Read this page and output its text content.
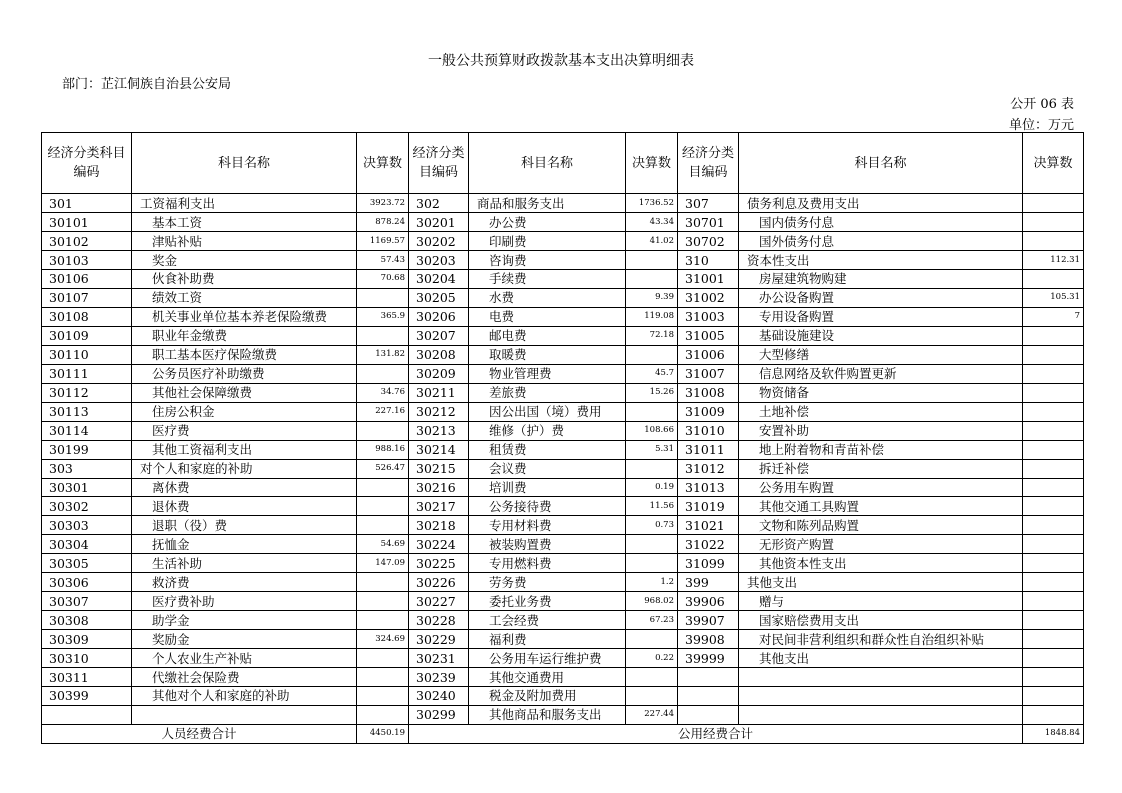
一般公共预算财政拨款基本支出决算明细表
部门：芷江侗族自治县公安局
公开 06 表
单位：万元
经济分类科目编码	科目名称	决算数	经济分类目编码	科目名称	决算数	经济分类目编码	科目名称	决算数
301	工资福利支出	3923.72	302	商品和服务支出	1736.52	307	债务利息及费用支出	
30101	基本工资	878.24	30201	办公费	43.34	30701	国内债务付息	
30102	津贴补贴	1169.57	30202	印刷费	41.02	30702	国外债务付息	
30103	奖金	57.43	30203	咨询费		310	资本性支出	112.31
30106	伙食补助费	70.68	30204	手续费		31001	房屋建筑物购建	
30107	绩效工资		30205	水费	9.39	31002	办公设备购置	105.31
30108	机关事业单位基本养老保险缴费	365.9	30206	电费	119.08	31003	专用设备购置	7
30109	职业年金缴费		30207	邮电费	72.18	31005	基础设施建设	
30110	职工基本医疗保险缴费	131.82	30208	取暖费		31006	大型修缮	
30111	公务员医疗补助缴费		30209	物业管理费	45.7	31007	信息网络及软件购置更新	
30112	其他社会保障缴费	34.76	30211	差旅费	15.26	31008	物资储备	
30113	住房公积金	227.16	30212	因公出国（境）费用		31009	土地补偿	
30114	医疗费		30213	维修（护）费	108.66	31010	安置补助	
30199	其他工资福利支出	988.16	30214	租赁费	5.31	31011	地上附着物和青苗补偿	
303	对个人和家庭的补助	526.47	30215	会议费		31012	拆迁补偿	
30301	离休费		30216	培训费	0.19	31013	公务用车购置	
30302	退休费		30217	公务接待费	11.56	31019	其他交通工具购置	
30303	退职（役）费		30218	专用材料费	0.73	31021	文物和陈列品购置	
30304	抚恤金	54.69	30224	被装购置费		31022	无形资产购置	
30305	生活补助	147.09	30225	专用燃料费		31099	其他资本性支出	
30306	救济费		30226	劳务费	1.2	399	其他支出	
30307	医疗费补助		30227	委托业务费	968.02	39906	赠与	
30308	助学金		30228	工会经费	67.23	39907	国家赔偿费用支出	
30309	奖励金	324.69	30229	福利费		39908	对民间非营利组织和群众性自治组织补贴	
30310	个人农业生产补贴		30231	公务用车运行维护费	0.22	39999	其他支出	
30311	代缴社会保险费		30239	其他交通费用				
30399	其他对个人和家庭的补助		30240	税金及附加费用				
			30299	其他商品和服务支出	227.44			
人员经费合计		4450.19	公用经费合计					1848.84
